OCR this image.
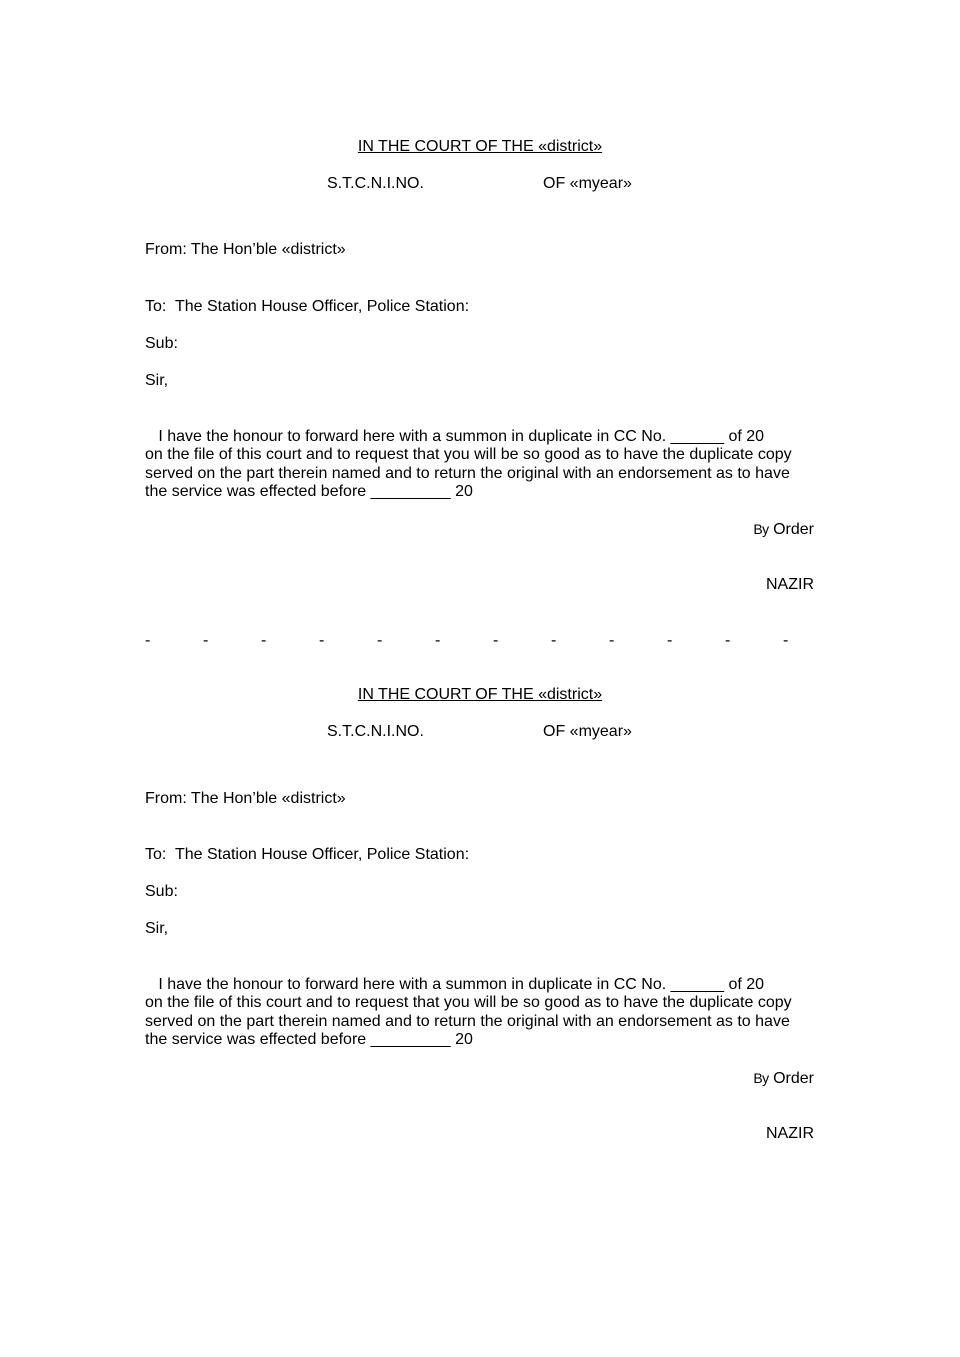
IN THE COURT OF THE «district»
S.T.C.N.I.NO.	OF «myear»
From: The Hon’ble «district»
To:  The Station House Officer, Police Station:
Sub:
Sir,
I have the honour to forward here with a summon in duplicate in CC No. ______ of 20
on the file of this court and to request that you will be so good as to have the duplicate copy
served on the part therein named and to return the original with an endorsement as to have
the service was effected before _________ 20
By Order
NAZIR
-	-	-	-	-	-	-	-	-	-	-	-
IN THE COURT OF THE «district»
S.T.C.N.I.NO.	OF «myear»
From: The Hon’ble «district»
To:  The Station House Officer, Police Station:
Sub:
Sir,
I have the honour to forward here with a summon in duplicate in CC No. ______ of 20
on the file of this court and to request that you will be so good as to have the duplicate copy
served on the part therein named and to return the original with an endorsement as to have
the service was effected before _________ 20
By Order
NAZIR
